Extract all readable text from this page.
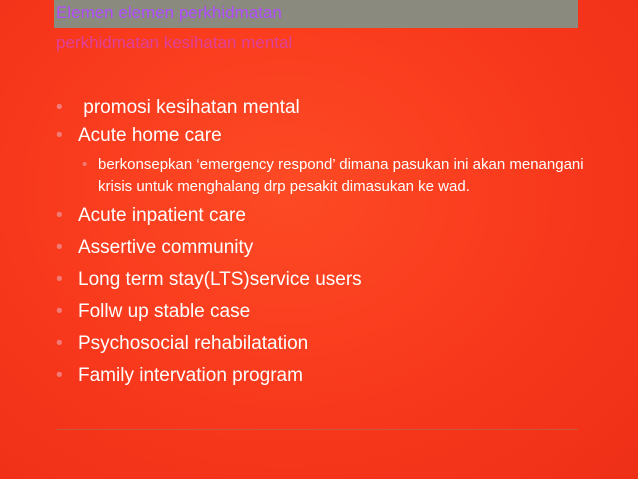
Elemen elemen perkhidmatan
perkhidmatan kesihatan mental
• promosi kesihatan mental
• Acute home care
• berkonsepkan ‘emergency respond’ dimana pasukan ini akan menangani krisis untuk menghalang drp pesakit dimasukan ke wad.
• Acute inpatient care
• Assertive community
• Long term stay(LTS)service users
• Follw up stable case
• Psychosocial rehabilatation
• Family intervation program
